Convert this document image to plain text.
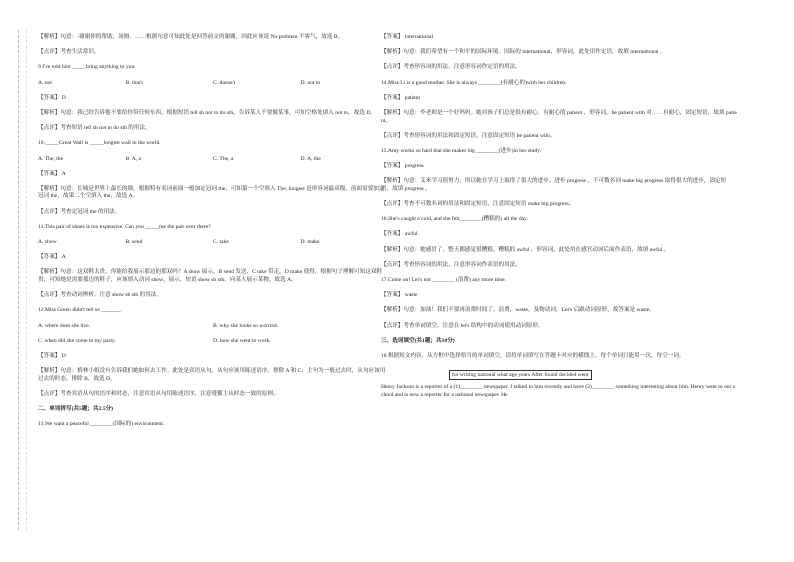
【解析】句意：-谢谢你的帮助，汤姆。……根据句意可知此处是回答前文的谢谢，因此应该说 No problem 不客气，故选 B。

【点评】考查生活常识。

9.I've told him _____bring anything to you.

A. not	B. don't	C. doesn't	D. not to

【答案】 D

【解析】句意：我已经告诉他不要给你带任何东西。根据短语 tell sb not to do sth，告诉某人不要做某事，可知空格处填入 not to，故选 D。

【点评】考查短语 tell sb not to do sth 的用法。

10._____Great Wall is _____longest wall in the world.

A. The, the	B. A, a	C. The, a	D. A, the

【答案】 A

【解析】句意：长城是世界上最长的墙。根据特有名词前面一般加定冠词 the，可知第一个空填入 The; longest 是形容词最高级，前面需要加定冠词 the，故第二个空填入 the，故选 A。

【点评】考查定冠词 the 的用法。

11.This pair of shoes is too expensive. Can you _____me the pair over there?

A. show	B. send	C. take	D. make

【答案】 A

【解析】句意：这双鞋太贵，你能给我展示那边的那双吗？A show 展示，B send 发送，C take 带走，D make 使得，根据句子理解可知这双鞋贵，可知她是需要那边的鞋子，应该填入动词 show，展示，短语 show sb sth，向某人展示某物，故选 A。

【点评】考查动词辨析，注意 show sb sth 的用法。

12.Miss Green didn't tell us _______.

A. where does she live.	B. why she looks so worried.
C. when did she come to my party.	D. how she went to work.

【答案】 D

【解析】句意：格林小姐没有告诉我们她如何去工作。此处是宾语从句，从句应该用陈述语序，排除 A 和 C；主句为一般过去时，从句应该用过去的时态，排除 B，故选 D。

【点评】考查宾语从句的语序和时态，注意宾语从句用陈述语序，注意遵循主从时态一致的原则。

二、单词拼写(共5题；共2.5分)

13.We want a peaceful ________(国际的) environment.

【答案】 international

【解析】句意：我们希望有一个和平的国际环境。国际的 international，形容词，此处用作定语，故填 international 。

【点评】考查形容词的用法，注意形容词作定语的用法。

14.Miss Li is a good mother. She is always ________(有耐心的)with her children.

【答案】 patient

【解析】句意：李老师是一个好妈妈。她对孩子们总是很有耐心。有耐心的 patient ，形容词，be patient with 对……有耐心，固定短语，故填 patient。

【点评】考查形容词的用法和固定短语，注意固定短语 be patient with。

15.Amy works so hard that she makes big ________(进步)in her study.

【答案】 progress

【解析】句意：艾米学习很努力，所以她在学习上取得了很大的进步。进步 progress ，不可数名词 make big progress 取得很大的进步，固定短语，故填 progress 。

【点评】考查不可数名词的用法和固定短语，注意固定短语 make big progress。

16.She's caught a cold, and she felt________(糟糕的) all the day.

【答案】 awful

【解析】句意：她感冒了，整天都感觉很糟糕。糟糕的 awful ，形容词，此处用在感官动词后面作表语，故填 awful 。

【点评】考查形容词的用法，注意形容词作表语的用法。

17.Come on! Let's not ________ (浪费) any more time.

【答案】 waste

【解析】句意：加油！我们不要再浪费时间了。浪费，waste，及物动词，Let's 后跟动词原形，故答案是 waste。

【点评】考查单词填空，注意在 let's 结构中的动词使用动词原形。

三、选词填空(共1题；共10分)

18.根据短文内容，从方框中选择恰当的单词填空，请将单词填写在答题卡对应的横线上。每个单词只能用一次，每空一词。

for writing national what age years After found decided went

Henry Jackson is a reporter of a (1)________ newspaper. I talked to him recently and have (2)________ something interesting about him. Henry went to our school and is now a reporter for a national newspaper. He
